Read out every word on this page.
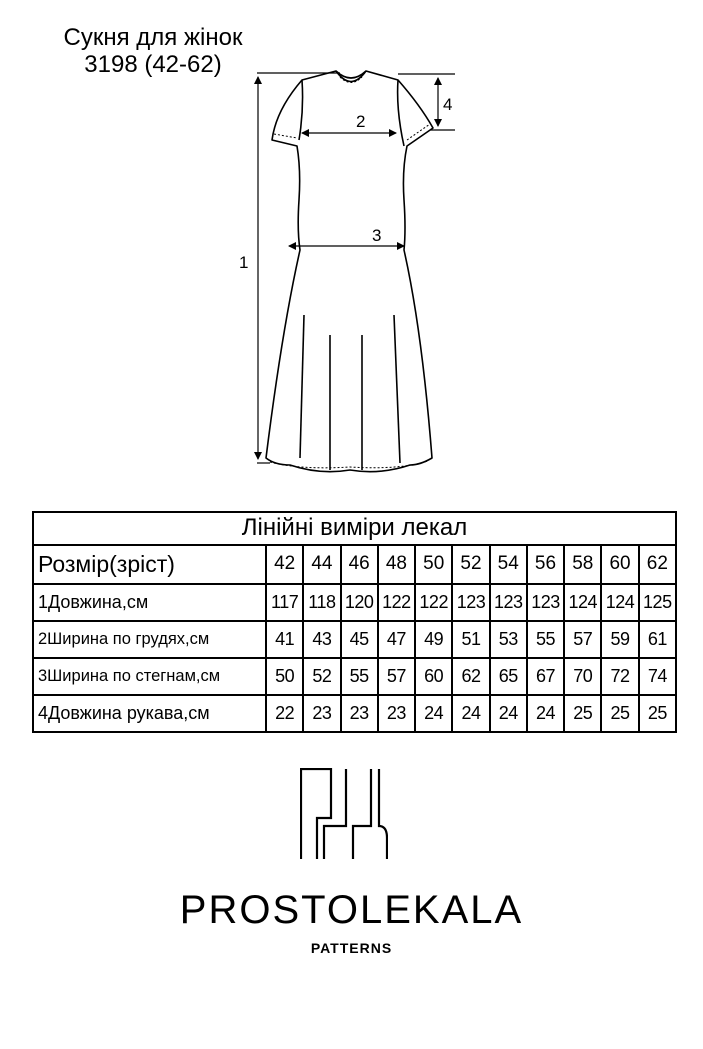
Сукня для жінок
3198 (42-62)
1
2
3
4
Лінійні виміри лекал											
Розмір(зріст)	42	44	46	48	50	52	54	56	58	60	62
1Довжина,см	117	118	120	122	122	123	123	123	124	124	125
2Ширина по грудях,см	41	43	45	47	49	51	53	55	57	59	61
3Ширина по стегнам,см	50	52	55	57	60	62	65	67	70	72	74
4Довжина рукава,см	22	23	23	23	24	24	24	24	25	25	25
PROSTOLEKALA
PATTERNS
